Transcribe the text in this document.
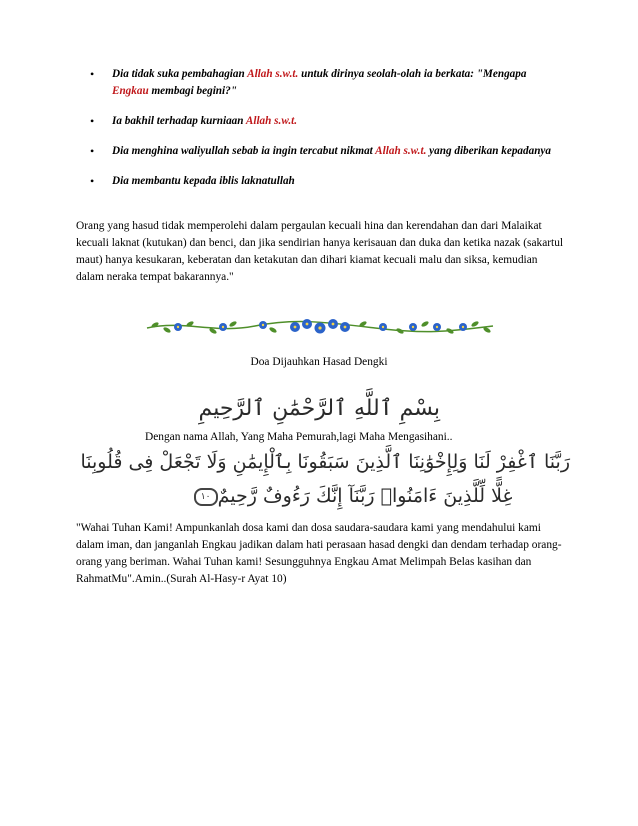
• Dia tidak suka pembahagian Allah s.w.t. untuk dirinya seolah-olah ia berkata: "Mengapa Engkau membagi begini?"
• Ia bakhil terhadap kurniaan Allah s.w.t.
• Dia menghina waliyullah sebab ia ingin tercabut nikmat Allah s.w.t. yang diberikan kepadanya
• Dia membantu kepada iblis laknatullah

Orang yang hasud tidak memperolehi dalam pergaulan kecuali hina dan kerendahan dan dari Malaikat kecuali laknat (kutukan) dan benci, dan jika sendirian hanya kerisauan dan duka dan ketika nazak (sakartul maut) hanya kesukaran, keberatan dan ketakutan dan dihari kiamat kecuali malu dan siksa, kemudian dalam neraka tempat bakarannya."

Doa Dijauhkan Hasad Dengki
بِسْمِ ٱللَّهِ ٱلرَّحْمَٰنِ ٱلرَّحِيمِ
Dengan nama Allah, Yang Maha Pemurah,lagi Maha Mengasihani..
رَبَّنَا ٱغْفِرْ لَنَا وَلِإِخْوَٰنِنَا ٱلَّذِينَ سَبَقُونَا بِٱلْإِيمَٰنِ وَلَا تَجْعَلْ فِى قُلُوبِنَا
غِلًّا لِّلَّذِينَ ءَامَنُوا۟ رَبَّنَآ إِنَّكَ رَءُوفٌ رَّحِيمٌ١٠

"Wahai Tuhan Kami! Ampunkanlah dosa kami dan dosa saudara-saudara kami yang mendahului kami dalam iman, dan janganlah Engkau jadikan dalam hati perasaan hasad dengki dan dendam terhadap orang-orang yang beriman. Wahai Tuhan kami! Sesungguhnya Engkau Amat Melimpah Belas kasihan dan RahmatMu".Amin..(Surah Al-Hasy-r Ayat 10)
